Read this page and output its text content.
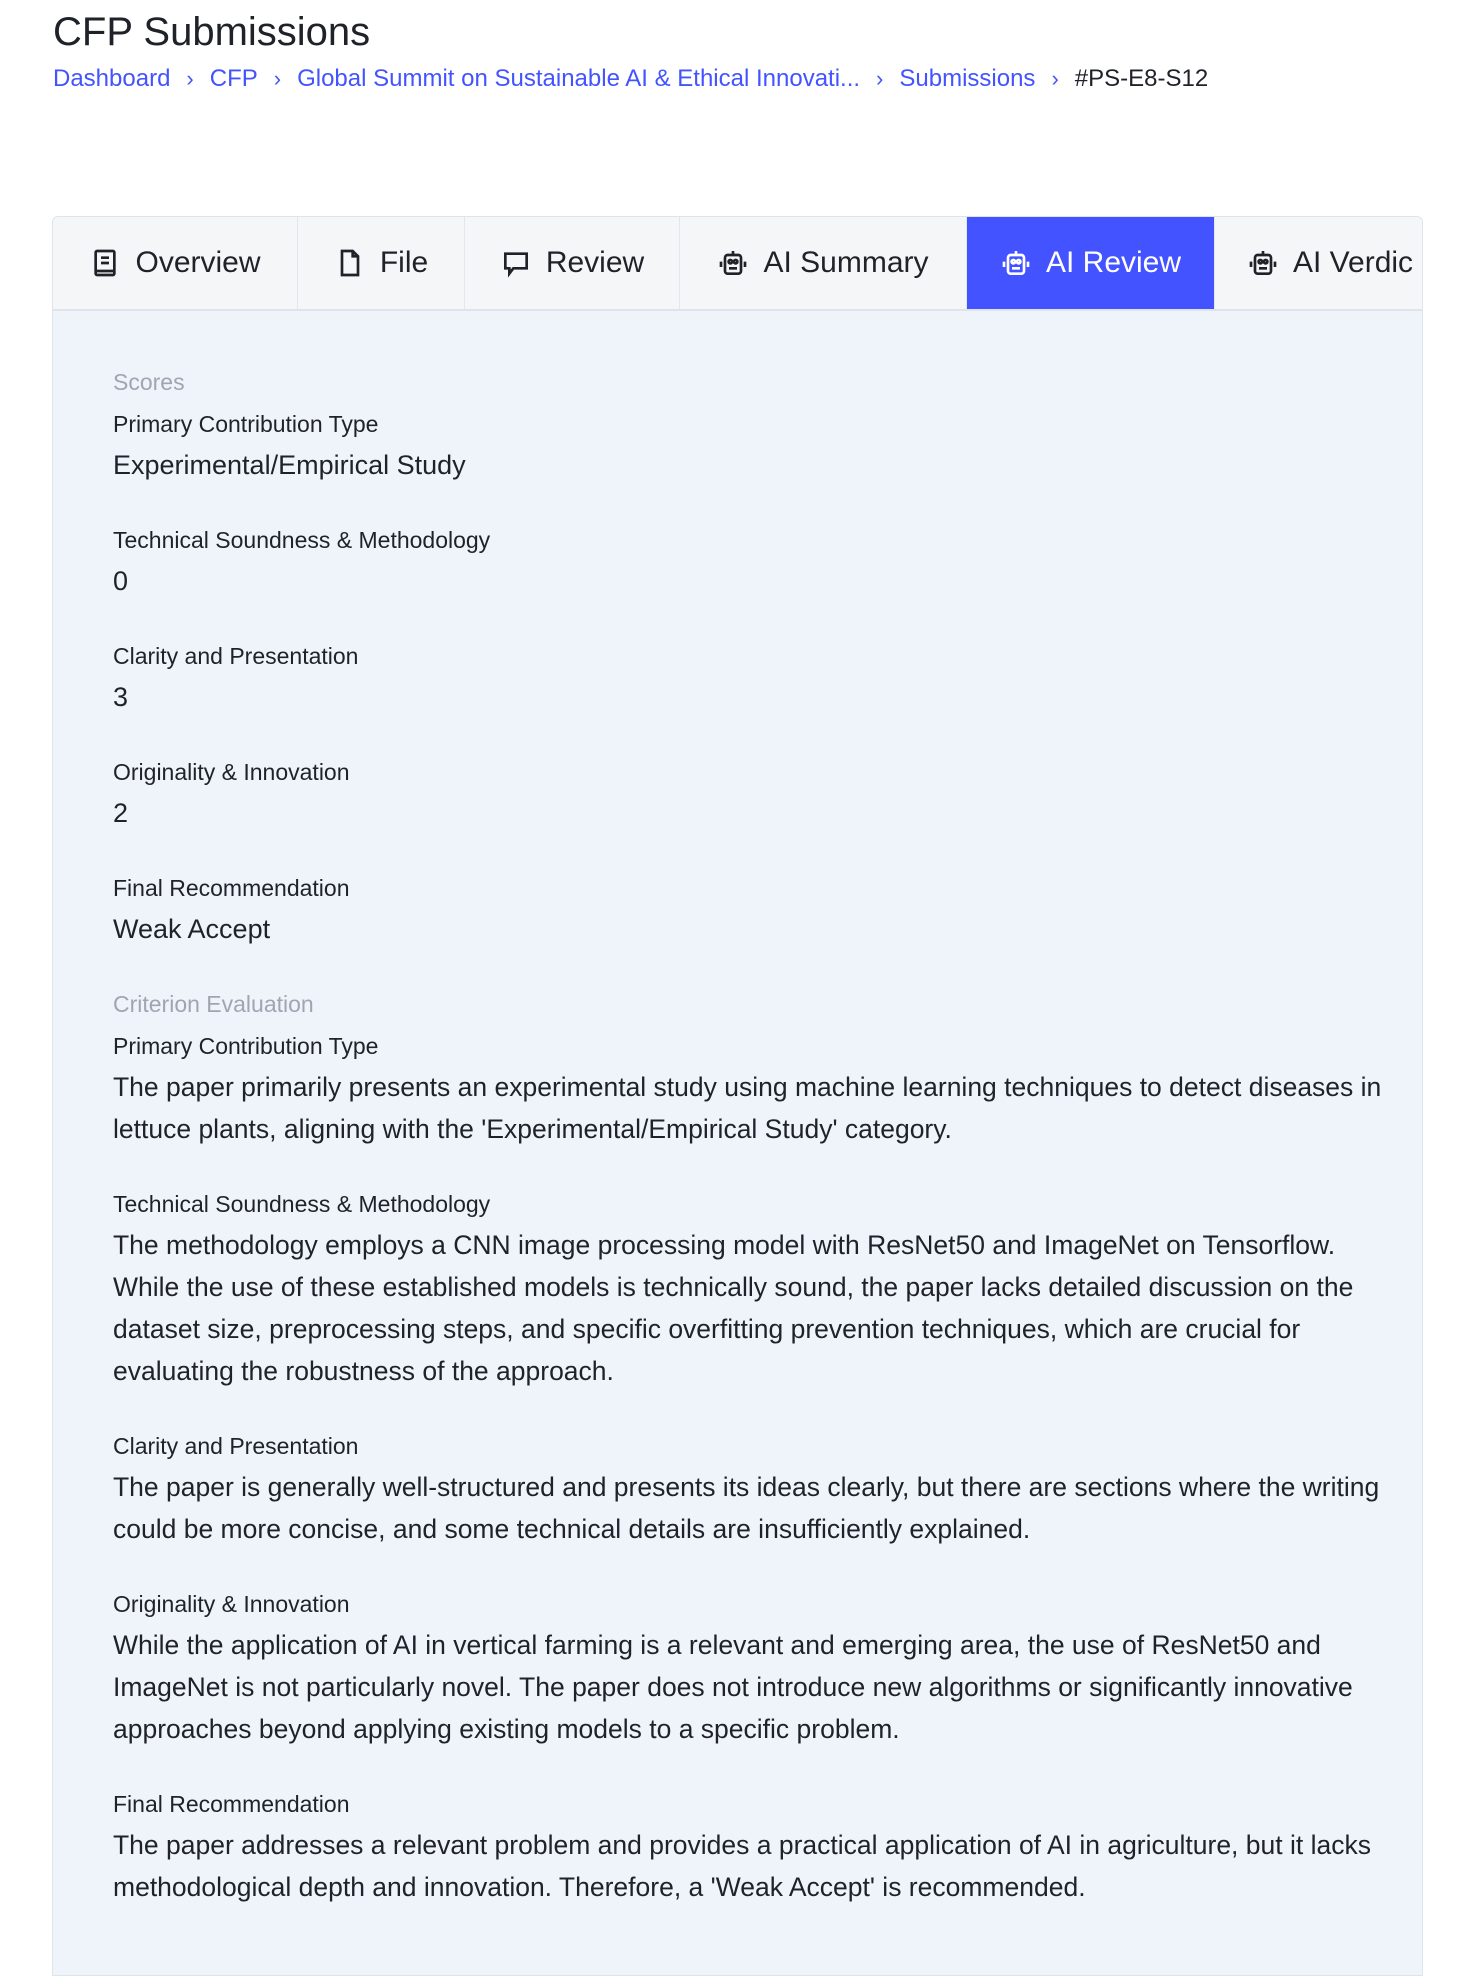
CFP Submissions
Dashboard › CFP › Global Summit on Sustainable AI & Ethical Innovati... › Submissions › #PS-E8-S12
Overview	File	Review	AI Summary	AI Review	AI Verdic
Scores
Primary Contribution Type
Experimental/Empirical Study
Technical Soundness & Methodology
0
Clarity and Presentation
3
Originality & Innovation
2
Final Recommendation
Weak Accept
Criterion Evaluation
Primary Contribution Type
The paper primarily presents an experimental study using machine learning techniques to detect diseases in lettuce plants, aligning with the 'Experimental/Empirical Study' category.
Technical Soundness & Methodology
The methodology employs a CNN image processing model with ResNet50 and ImageNet on Tensorflow. While the use of these established models is technically sound, the paper lacks detailed discussion on the dataset size, preprocessing steps, and specific overfitting prevention techniques, which are crucial for evaluating the robustness of the approach.
Clarity and Presentation
The paper is generally well-structured and presents its ideas clearly, but there are sections where the writing could be more concise, and some technical details are insufficiently explained.
Originality & Innovation
While the application of AI in vertical farming is a relevant and emerging area, the use of ResNet50 and ImageNet is not particularly novel. The paper does not introduce new algorithms or significantly innovative approaches beyond applying existing models to a specific problem.
Final Recommendation
The paper addresses a relevant problem and provides a practical application of AI in agriculture, but it lacks methodological depth and innovation. Therefore, a 'Weak Accept' is recommended.
